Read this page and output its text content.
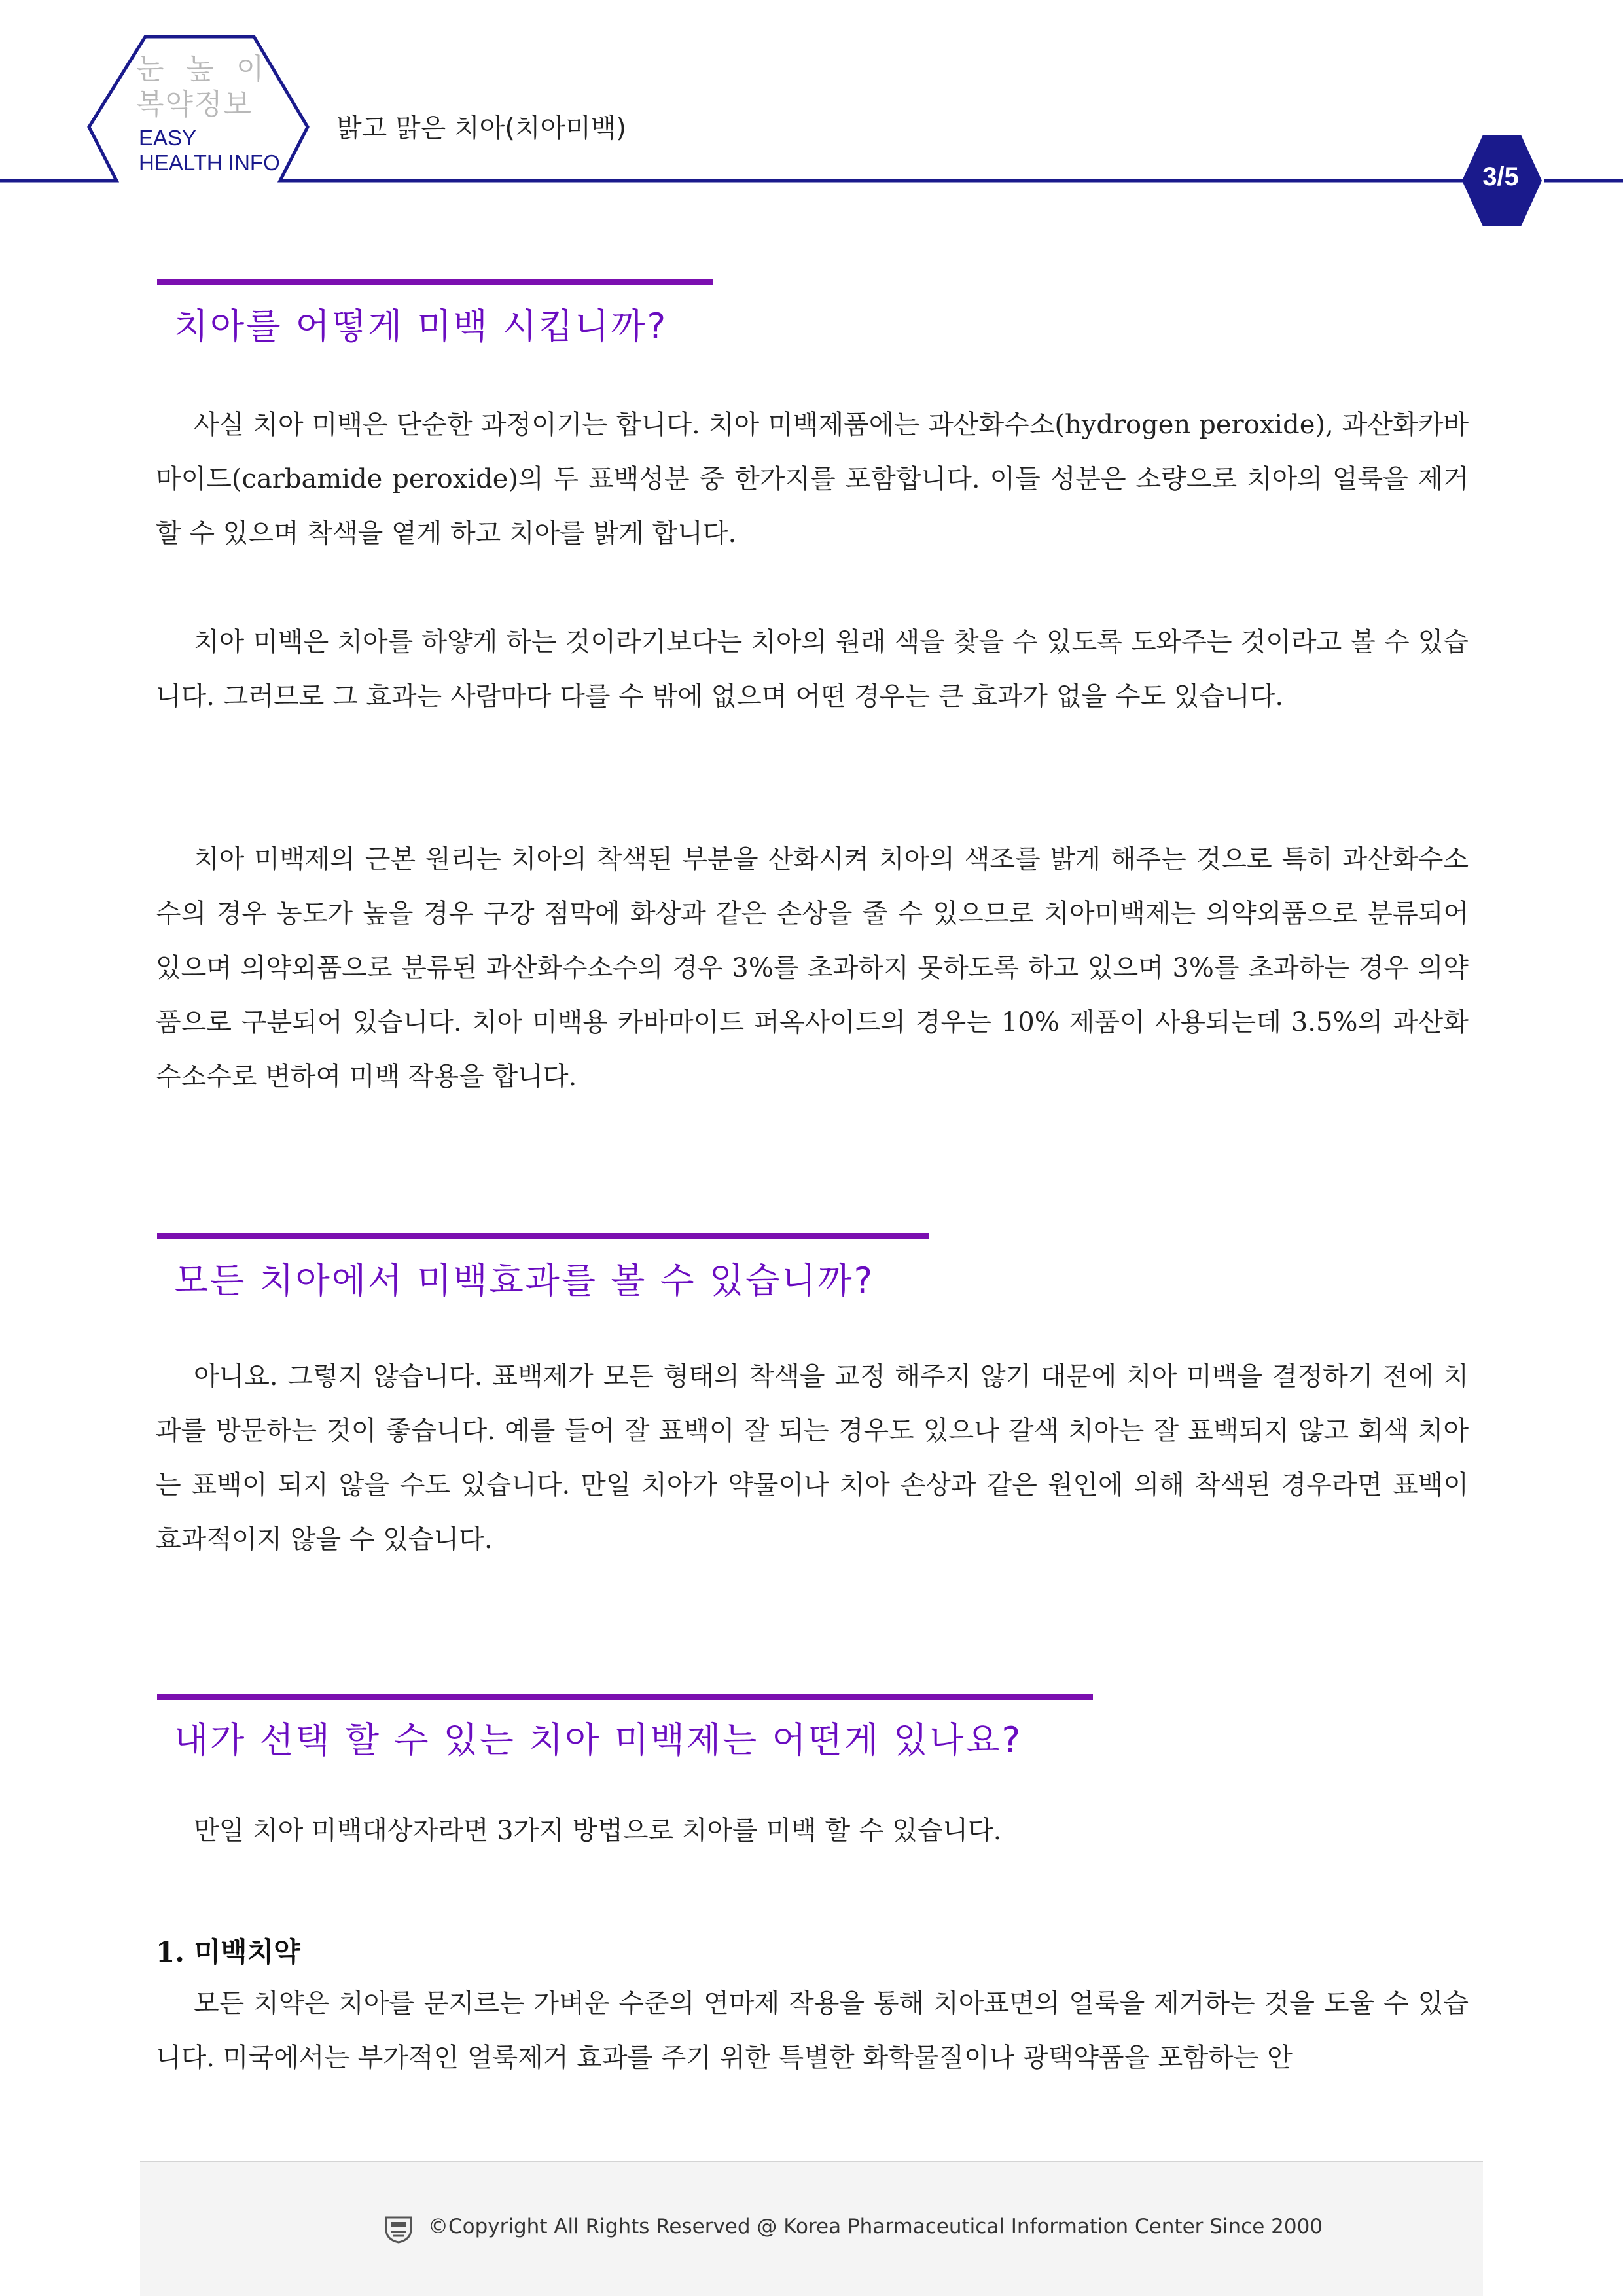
눈 높 이

복약정보

EASY

HEALTH INFO

밝고 맑은 치아(치아미백)

3/5

치아를 어떻게 미백 시킵니까?

사실 치아 미백은 단순한 과정이기는 합니다. 치아 미백제품에는 과산화수소(hydrogen peroxide), 과산화카바마이드(carbamide peroxide)의 두 표백성분 중 한가지를 포함합니다. 이들 성분은 소량으로 치아의 얼룩을 제거 할 수 있으며 착색을 옅게 하고 치아를 밝게 합니다.

치아 미백은 치아를 하얗게 하는 것이라기보다는 치아의 원래 색을 찾을 수 있도록 도와주는 것이라고 볼 수 있습니다. 그러므로 그 효과는 사람마다 다를 수 밖에 없으며 어떤 경우는 큰 효과가 없을 수도 있습니다.

치아 미백제의 근본 원리는 치아의 착색된 부분을 산화시켜 치아의 색조를 밝게 해주는 것으로 특히 과산화수소수의 경우 농도가 높을 경우 구강 점막에 화상과 같은 손상을 줄 수 있으므로 치아미백제는 의약외품으로 분류되어 있으며 의약외품으로 분류된 과산화수소수의 경우 3%를 초과하지 못하도록 하고 있으며 3%를 초과하는 경우 의약품으로 구분되어 있습니다. 치아 미백용 카바마이드 퍼옥사이드의 경우는 10% 제품이 사용되는데 3.5%의 과산화수소수로 변하여 미백 작용을 합니다.

모든 치아에서 미백효과를 볼 수 있습니까?

아니요. 그렇지 않습니다. 표백제가 모든 형태의 착색을 교정 해주지 않기 대문에 치아 미백을 결정하기 전에 치과를 방문하는 것이 좋습니다. 예를 들어 잘 표백이 잘 되는 경우도 있으나 갈색 치아는 잘 표백되지 않고 회색 치아는 표백이 되지 않을 수도 있습니다. 만일 치아가 약물이나 치아 손상과 같은 원인에 의해 착색된 경우라면 표백이 효과적이지 않을 수 있습니다.

내가 선택 할 수 있는 치아 미백제는 어떤게 있나요?

만일 치아 미백대상자라면 3가지 방법으로 치아를 미백 할 수 있습니다.

1. 미백치약

모든 치약은 치아를 문지르는 가벼운 수준의 연마제 작용을 통해 치아표면의 얼룩을 제거하는 것을 도울 수 있습니다. 미국에서는 부가적인 얼룩제거 효과를 주기 위한 특별한 화학물질이나 광택약품을 포함하는 안

©Copyright All Rights Reserved @ Korea Pharmaceutical Information Center Since 2000
